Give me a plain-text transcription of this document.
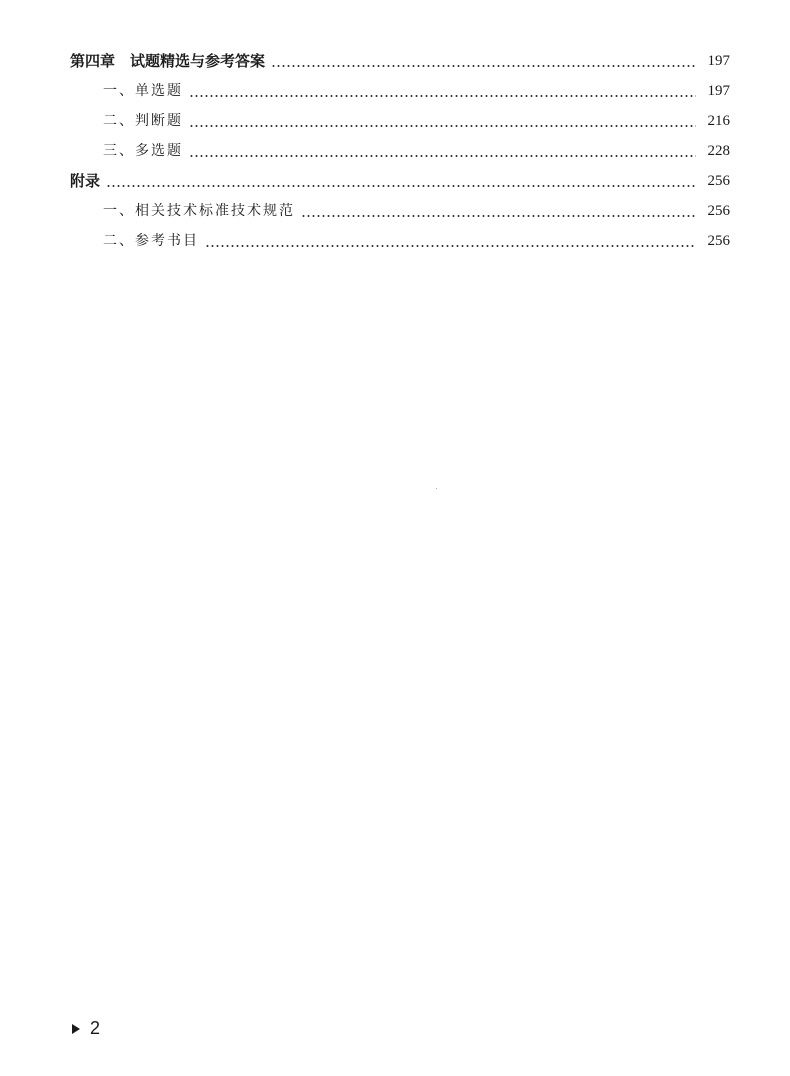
第四章　试题精选与参考答案	197
一、单选题	197
二、判断题	216
三、多选题	228
附录	256
一、相关技术标准技术规范	256
二、参考书目	256
2
